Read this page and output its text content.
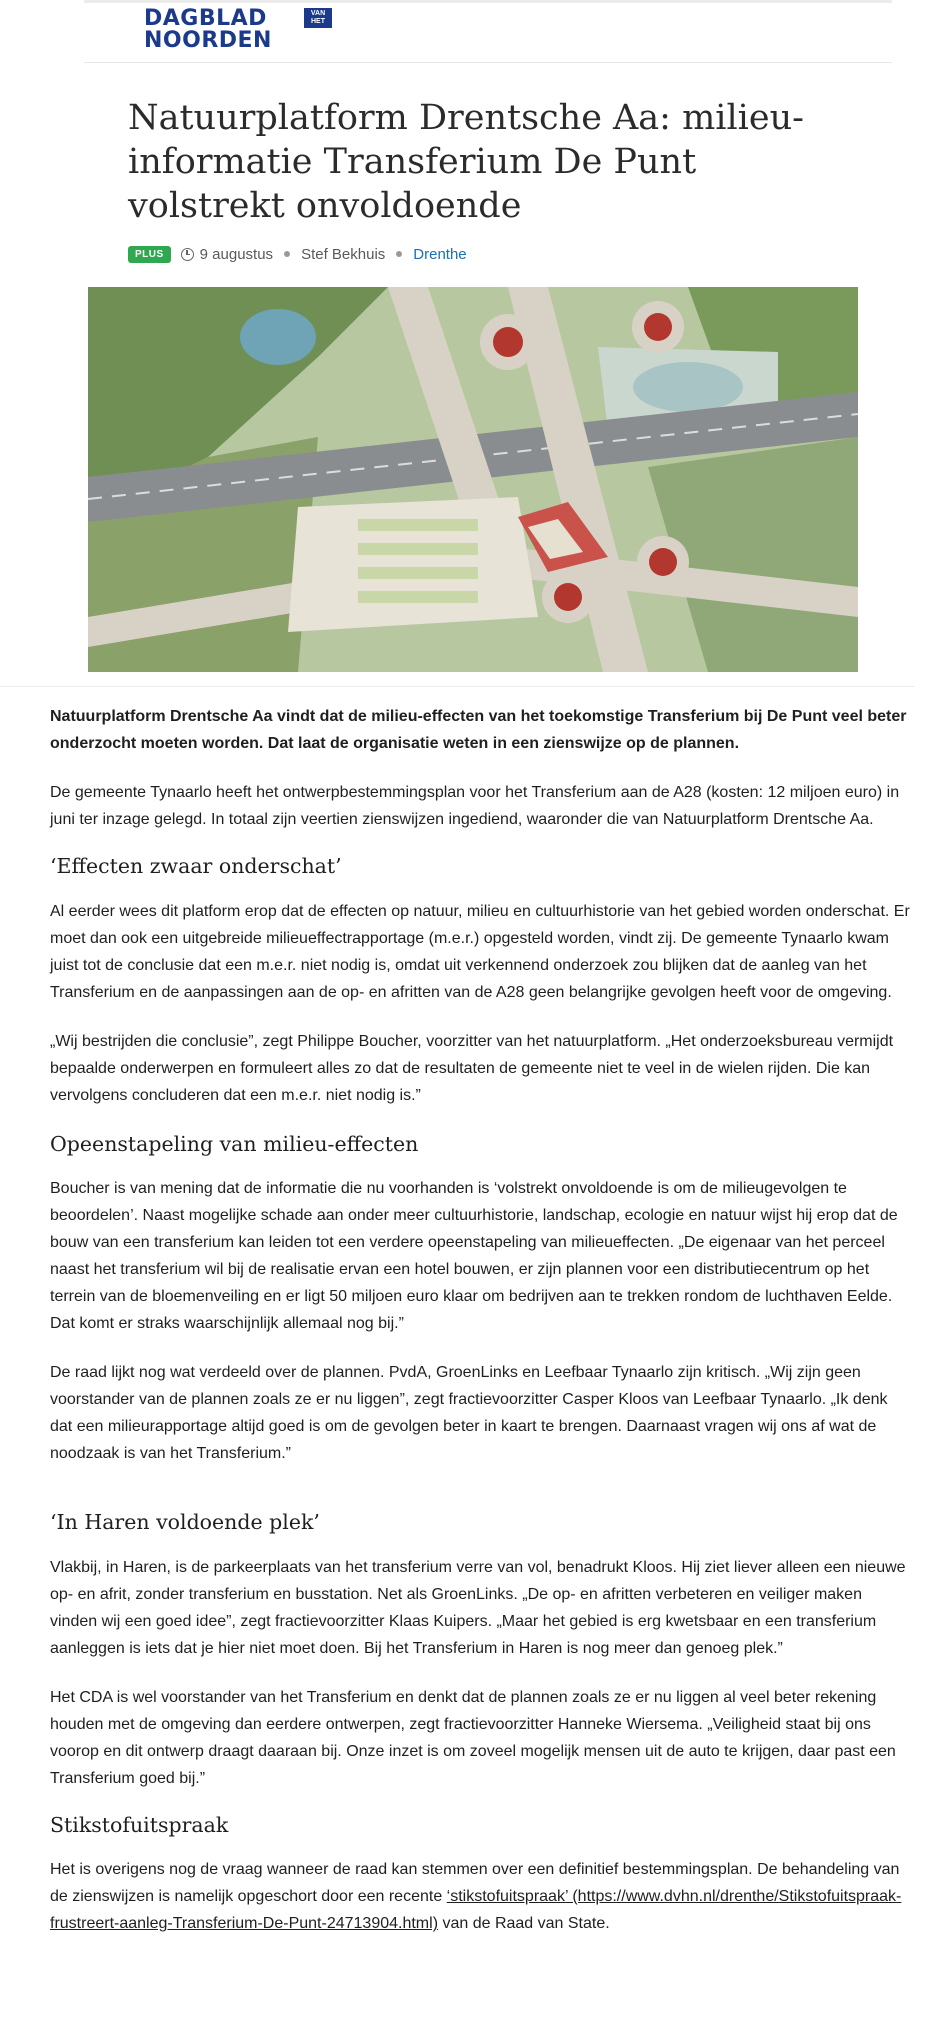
DAGBLAD
NOORDEN
VAN HET
Natuurplatform Drentsche Aa: milieu-informatie Transferium De Punt volstrekt onvoldoende
PLUS	9 augustus Stef Bekhuis Drenthe

Natuurplatform Drentsche Aa vindt dat de milieu-effecten van het toekomstige Transferium bij De Punt veel beter onderzocht moeten worden. Dat laat de organisatie weten in een zienswijze op de plannen.

De gemeente Tynaarlo heeft het ontwerpbestemmingsplan voor het Transferium aan de A28 (kosten: 12 miljoen euro) in juni ter inzage gelegd. In totaal zijn veertien zienswijzen ingediend, waaronder die van Natuurplatform Drentsche Aa.

‘Effecten zwaar onderschat’

Al eerder wees dit platform erop dat de effecten op natuur, milieu en cultuurhistorie van het gebied worden onderschat. Er moet dan ook een uitgebreide milieueffectrapportage (m.e.r.) opgesteld worden, vindt zij. De gemeente Tynaarlo kwam juist tot de conclusie dat een m.e.r. niet nodig is, omdat uit verkennend onderzoek zou blijken dat de aanleg van het Transferium en de aanpassingen aan de op- en afritten van de A28 geen belangrijke gevolgen heeft voor de omgeving.

„Wij bestrijden die conclusie”, zegt Philippe Boucher, voorzitter van het natuurplatform. „Het onderzoeksbureau vermijdt bepaalde onderwerpen en formuleert alles zo dat de resultaten de gemeente niet te veel in de wielen rijden. Die kan vervolgens concluderen dat een m.e.r. niet nodig is.”

Opeenstapeling van milieu-effecten

Boucher is van mening dat de informatie die nu voorhanden is ‘volstrekt onvoldoende is om de milieugevolgen te beoordelen’. Naast mogelijke schade aan onder meer cultuurhistorie, landschap, ecologie en natuur wijst hij erop dat de bouw van een transferium kan leiden tot een verdere opeenstapeling van milieueffecten. „De eigenaar van het perceel naast het transferium wil bij de realisatie ervan een hotel bouwen, er zijn plannen voor een distributiecentrum op het terrein van de bloemenveiling en er ligt 50 miljoen euro klaar om bedrijven aan te trekken rondom de luchthaven Eelde. Dat komt er straks waarschijnlijk allemaal nog bij.”

De raad lijkt nog wat verdeeld over de plannen. PvdA, GroenLinks en Leefbaar Tynaarlo zijn kritisch. „Wij zijn geen voorstander van de plannen zoals ze er nu liggen”, zegt fractievoorzitter Casper Kloos van Leefbaar Tynaarlo. „Ik denk dat een milieurapportage altijd goed is om de gevolgen beter in kaart te brengen. Daarnaast vragen wij ons af wat de noodzaak is van het Transferium.”

‘In Haren voldoende plek’

Vlakbij, in Haren, is de parkeerplaats van het transferium verre van vol, benadrukt Kloos. Hij ziet liever alleen een nieuwe op- en afrit, zonder transferium en busstation. Net als GroenLinks. „De op- en afritten verbeteren en veiliger maken vinden wij een goed idee”, zegt fractievoorzitter Klaas Kuipers. „Maar het gebied is erg kwetsbaar en een transferium aanleggen is iets dat je hier niet moet doen. Bij het Transferium in Haren is nog meer dan genoeg plek.”

Het CDA is wel voorstander van het Transferium en denkt dat de plannen zoals ze er nu liggen al veel beter rekening houden met de omgeving dan eerdere ontwerpen, zegt fractievoorzitter Hanneke Wiersema. „Veiligheid staat bij ons voorop en dit ontwerp draagt daaraan bij. Onze inzet is om zoveel mogelijk mensen uit de auto te krijgen, daar past een Transferium goed bij.”

Stikstofuitspraak

Het is overigens nog de vraag wanneer de raad kan stemmen over een definitief bestemmingsplan. De behandeling van de zienswijzen is namelijk opgeschort door een recente ‘stikstofuitspraak’ (https://www.dvhn.nl/drenthe/Stikstofuitspraak-frustreert-aanleg-Transferium-De-Punt-24713904.html) van de Raad van State.
